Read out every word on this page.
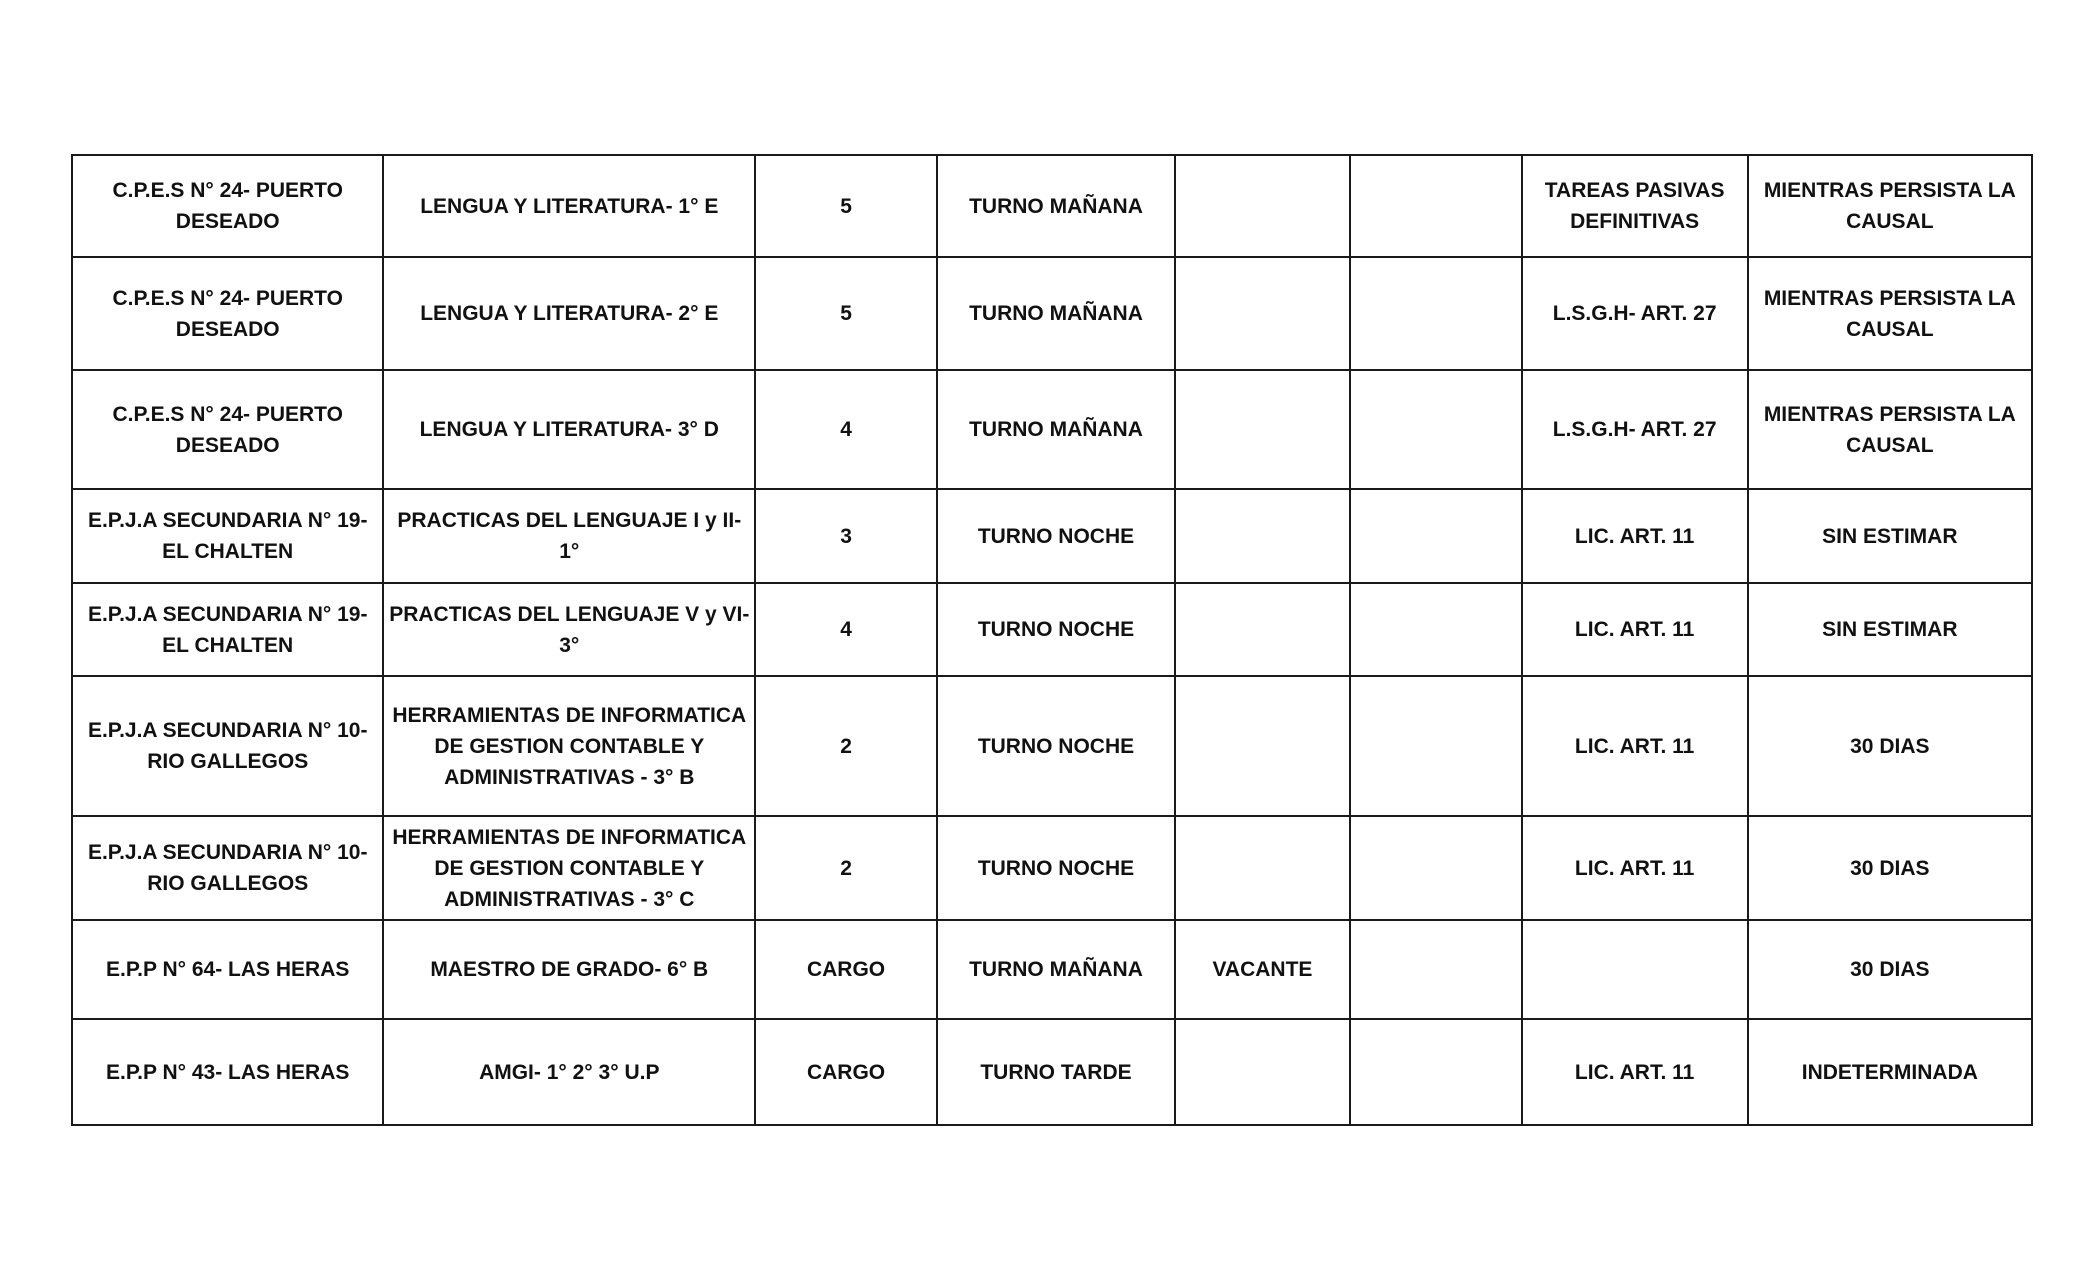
C.P.E.S N° 24- PUERTO DESEADO	LENGUA Y LITERATURA- 1° E	5	TURNO MAÑANA			TAREAS PASIVAS DEFINITIVAS	MIENTRAS PERSISTA LA CAUSAL
C.P.E.S N° 24- PUERTO DESEADO	LENGUA Y LITERATURA- 2° E	5	TURNO MAÑANA			L.S.G.H- ART. 27	MIENTRAS PERSISTA LA CAUSAL
C.P.E.S N° 24- PUERTO DESEADO	LENGUA Y LITERATURA- 3° D	4	TURNO MAÑANA			L.S.G.H- ART. 27	MIENTRAS PERSISTA LA CAUSAL
E.P.J.A SECUNDARIA N° 19- EL CHALTEN	PRACTICAS DEL LENGUAJE I y II- 1°	3	TURNO NOCHE			LIC. ART. 11	SIN ESTIMAR
E.P.J.A SECUNDARIA N° 19- EL CHALTEN	PRACTICAS DEL LENGUAJE V y VI- 3°	4	TURNO NOCHE			LIC. ART. 11	SIN ESTIMAR
E.P.J.A SECUNDARIA N° 10- RIO GALLEGOS	HERRAMIENTAS DE INFORMATICA DE GESTION CONTABLE Y ADMINISTRATIVAS - 3° B	2	TURNO NOCHE			LIC. ART. 11	30 DIAS
E.P.J.A SECUNDARIA N° 10- RIO GALLEGOS	HERRAMIENTAS DE INFORMATICA DE GESTION CONTABLE Y ADMINISTRATIVAS - 3° C	2	TURNO NOCHE			LIC. ART. 11	30 DIAS
E.P.P N° 64- LAS HERAS	MAESTRO DE GRADO- 6° B	CARGO	TURNO MAÑANA	VACANTE			30 DIAS
E.P.P N° 43- LAS HERAS	AMGI- 1° 2° 3° U.P	CARGO	TURNO TARDE			LIC. ART. 11	INDETERMINADA
